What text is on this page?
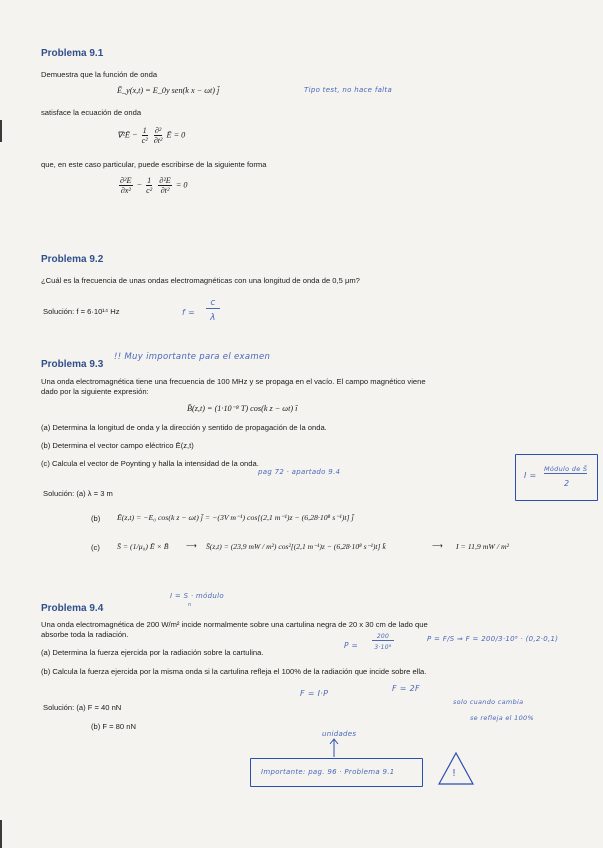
Problema 9.1
Demuestra que la función de onda
Ē_y(x,t) = E_0y sen(k x − ωt) j̄	Tipo test, no hace falta
satisface la ecuación de onda
∇²Ē − $\frac{1}{\text{c²}}$
$\frac{\text{∂²}}{\text{∂t²}}$ Ē = 0
que, en este caso particular, puede escribirse de la siguiente forma
$\frac{\text{∂²E}}{\text{∂x²}} - \frac{1}{\text{c²}}$
$\frac{\text{∂²E}}{\text{∂t²}} = 0$
Problema 9.2
¿Cuál es la frecuencia de unas ondas electromagnéticas con una longitud de onda de 0,5 μm?
Solución: f = 6·10¹⁴ Hz	f =
c
λ
Problema 9.3
!! Muy importante para el examen
Una onda electromagnética tiene una frecuencia de 100 MHz y se propaga en el vacío. El campo magnético viene
dado por la siguiente expresión:
B̄(z,t) = (1·10⁻⁸ T) cos(k z − ωt) ī
(a) Determina la longitud de onda y la dirección y sentido de propagación de la onda.
(b) Determina el vector campo eléctrico Ē(z,t)
(c) Calcula el vector de Poynting y halla la intensidad de la onda.
pag 72 · apartado 9.4	I =
Módulo de S̄
2
Solución: (a) λ = 3 m
(b) Ē(z,t) = −E₀ cos(k z − ωt) j̄ = −(3V m⁻¹) cos[(2,1 m⁻¹)z − (6,28·10⁸ s⁻¹)t] j̄
(c) S̄ = (1/μ₀) Ē × B̄ ⟶ S̄(z,t) = (23,9 mW / m²) cos²[(2,1 m⁻¹)z − (6,28·10⁸ s⁻¹)t] k̄	⟶ I = 11,9 mW / m²
I = S · módulo
n
Problema 9.4
Una onda electromagnética de 200 W/m² incide normalmente sobre una cartulina negra de 20 x 30 cm de lado que
absorbe toda la radiación.
P =
200
3·10⁸
P = F/S ⇒ F = 200/3·10⁸ · (0,2·0,1)
(a) Determina la fuerza ejercida por la radiación sobre la cartulina.
(b) Calcula la fuerza ejercida por la misma onda si la cartulina refleja el 100% de la radiación que incide sobre ella.
F = I·P
F = 2F
solo cuando cambia
se refleja el 100%
Solución: (a) F = 40 nN
(b) F = 80 nN
unidades
Importante: pag. 96 · Problema 9.1	!
